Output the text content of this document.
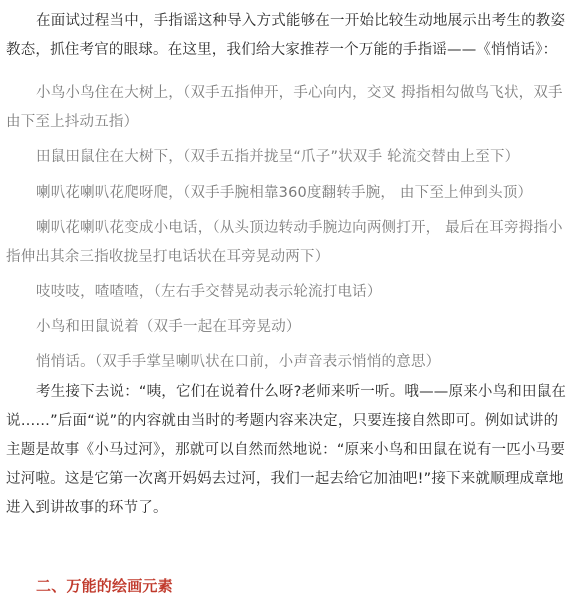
在面试过程当中，手指谣这种导入方式能够在一开始比较生动地展示出考生的教姿教态，抓住考官的眼球。在这里，我们给大家推荐一个万能的手指谣——《悄悄话》：

小鸟小鸟住在大树上，（双手五指伸开，手心向内，交叉 拇指相勾做鸟飞状，双手由下至上抖动五指）

田鼠田鼠住在大树下，（双手五指并拢呈“爪子”状双手 轮流交替由上至下）

喇叭花喇叭花爬呀爬，（双手手腕相靠360度翻转手腕， 由下至上伸到头顶）

喇叭花喇叭花变成小电话，（从头顶边转动手腕边向两侧打开， 最后在耳旁拇指小指伸出其余三指收拢呈打电话状在耳旁晃动两下）

吱吱吱，喳喳喳，（左右手交替晃动表示轮流打电话）

小鸟和田鼠说着（双手一起在耳旁晃动）

悄悄话。（双手手掌呈喇叭状在口前，小声音表示悄悄的意思）

考生接下去说：“咦，它们在说着什么呀?老师来听一听。哦——原来小鸟和田鼠在说……”后面“说”的内容就由当时的考题内容来决定，只要连接自然即可。例如试讲的主题是故事《小马过河》，那就可以自然而然地说：“原来小鸟和田鼠在说有一匹小马要过河啦。这是它第一次离开妈妈去过河，我们一起去给它加油吧!”接下来就顺理成章地进入到讲故事的环节了。

二、万能的绘画元素
